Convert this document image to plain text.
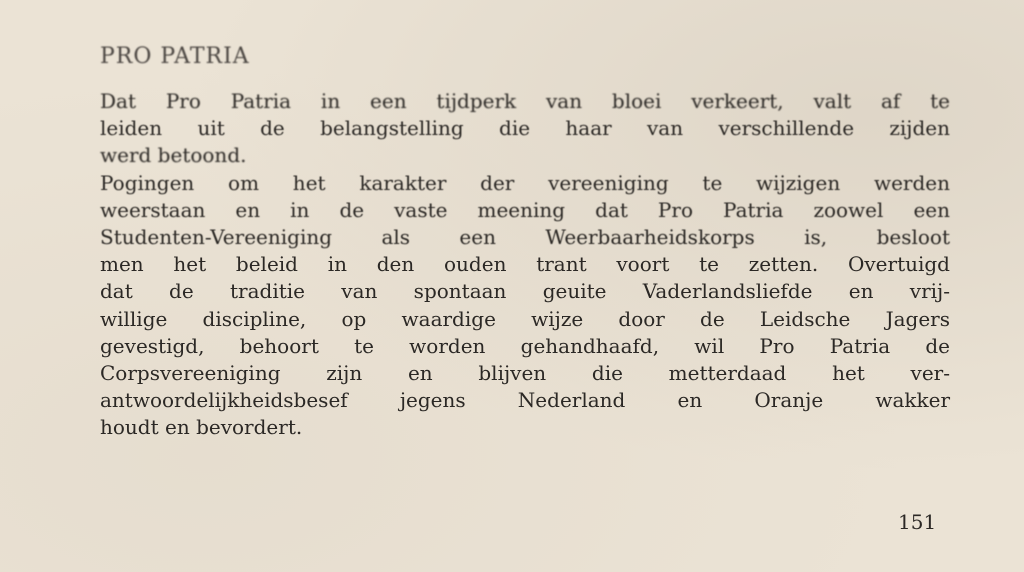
PRO PATRIA
Dat Pro Patria in een tijdperk van bloei verkeert, valt af te
leiden uit de belangstelling die haar van verschillende zijden
werd betoond.
Pogingen om het karakter der vereeniging te wijzigen werden
weerstaan en in de vaste meening dat Pro Patria zoowel een
Studenten-Vereeniging als een Weerbaarheidskorps is, besloot
men het beleid in den ouden trant voort te zetten. Overtuigd
dat de traditie van spontaan geuite Vaderlandsliefde en vrij-
willige discipline, op waardige wijze door de Leidsche Jagers
gevestigd, behoort te worden gehandhaafd, wil Pro Patria de
Corpsvereeniging zijn en blijven die metterdaad het ver-
antwoordelijkheidsbesef jegens Nederland en Oranje wakker
houdt en bevordert.
151
